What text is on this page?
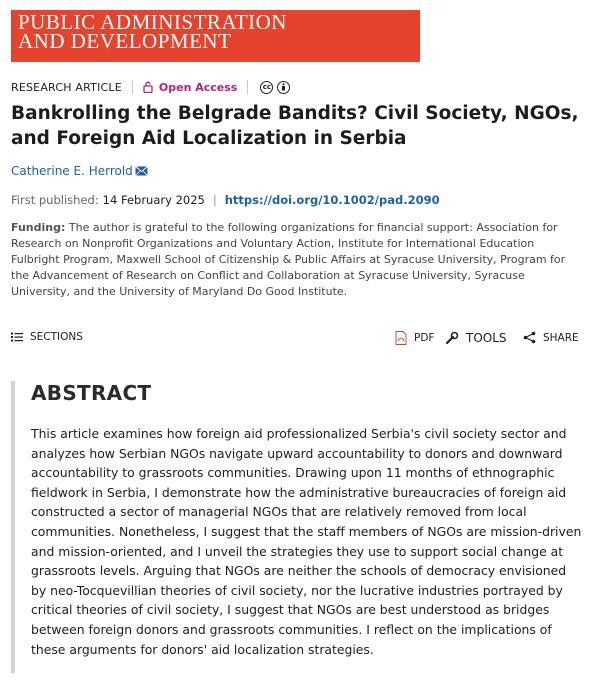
PUBLIC ADMINISTRATION
AND DEVELOPMENT
RESEARCH ARTICLE	Open Access	cc
Bankrolling the Belgrade Bandits? Civil Society, NGOs, and Foreign Aid Localization in Serbia
Catherine E. Herrold
First published: 14 February 2025 | https://doi.org/10.1002/pad.2090
Funding: The author is grateful to the following organizations for financial support: Association for Research on Nonprofit Organizations and Voluntary Action, Institute for International Education Fulbright Program, Maxwell School of Citizenship & Public Affairs at Syracuse University, Program for the Advancement of Research on Conflict and Collaboration at Syracuse University, Syracuse University, and the University of Maryland Do Good Institute.
SECTIONS	PDF	TOOLS	SHARE
ABSTRACT
This article examines how foreign aid professionalized Serbia's civil society sector and analyzes how Serbian NGOs navigate upward accountability to donors and downward accountability to grassroots communities. Drawing upon 11 months of ethnographic fieldwork in Serbia, I demonstrate how the administrative bureaucracies of foreign aid constructed a sector of managerial NGOs that are relatively removed from local communities. Nonetheless, I suggest that the staff members of NGOs are mission-driven and mission-oriented, and I unveil the strategies they use to support social change at grassroots levels. Arguing that NGOs are neither the schools of democracy envisioned by neo-Tocquevillian theories of civil society, nor the lucrative industries portrayed by critical theories of civil society, I suggest that NGOs are best understood as bridges between foreign donors and grassroots communities. I reflect on the implications of these arguments for donors' aid localization strategies.
